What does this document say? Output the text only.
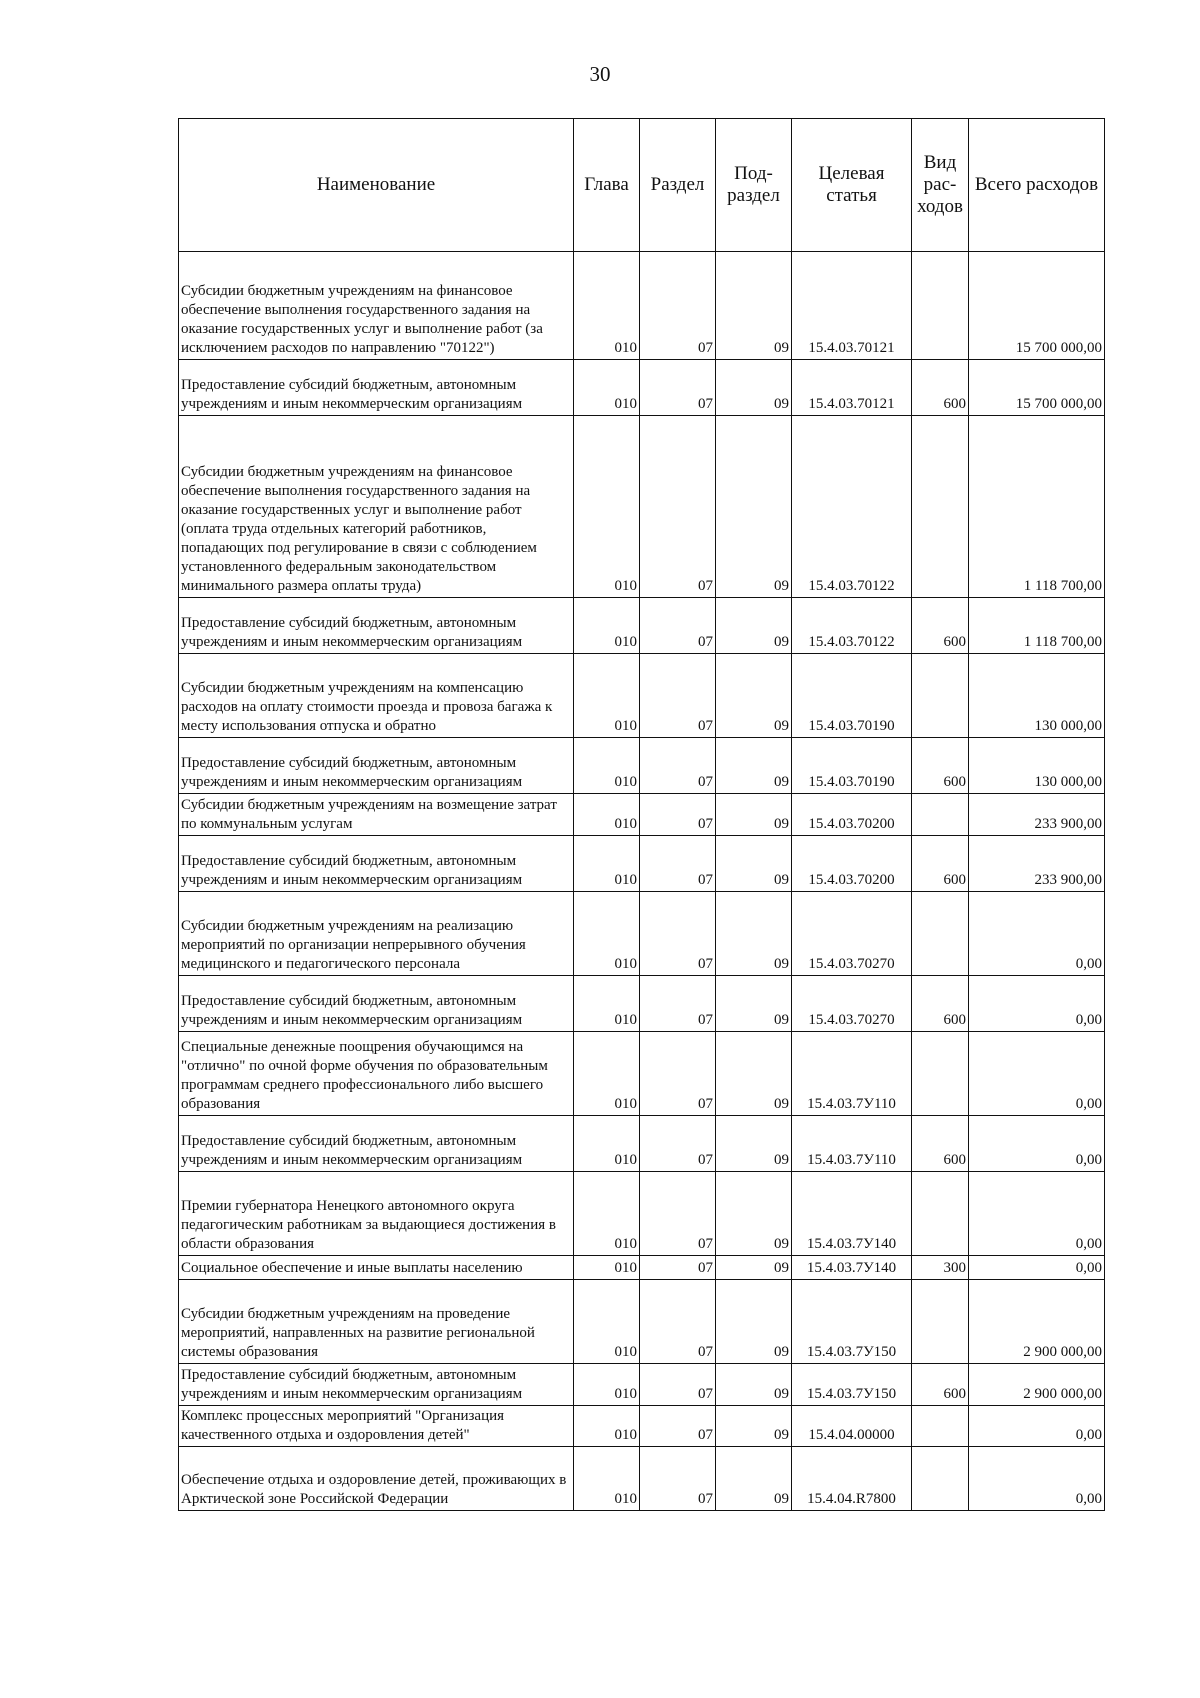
30
Наименование	Глава	Раздел	Под-раздел	Целевая статья	Вид рас-ходов	Всего расходов
Субсидии бюджетным учреждениям на финансовое обеспечение выполнения государственного задания на оказание государственных услуг и выполнение работ (за исключением расходов по направлению "70122")	010	07	09	15.4.03.70121		15 700 000,00
Предоставление субсидий бюджетным, автономным учреждениям и иным некоммерческим организациям	010	07	09	15.4.03.70121	600	15 700 000,00
Субсидии бюджетным учреждениям на финансовое обеспечение выполнения государственного задания на оказание государственных услуг и выполнение работ (оплата труда отдельных категорий работников, попадающих под регулирование в связи с соблюдением установленного федеральным законодательством минимального размера оплаты труда)	010	07	09	15.4.03.70122		1 118 700,00
Предоставление субсидий бюджетным, автономным учреждениям и иным некоммерческим организациям	010	07	09	15.4.03.70122	600	1 118 700,00
Субсидии бюджетным учреждениям на компенсацию расходов на оплату стоимости проезда и провоза багажа к месту использования отпуска и обратно	010	07	09	15.4.03.70190		130 000,00
Предоставление субсидий бюджетным, автономным учреждениям и иным некоммерческим организациям	010	07	09	15.4.03.70190	600	130 000,00
Субсидии бюджетным учреждениям на возмещение затрат по коммунальным услугам	010	07	09	15.4.03.70200		233 900,00
Предоставление субсидий бюджетным, автономным учреждениям и иным некоммерческим организациям	010	07	09	15.4.03.70200	600	233 900,00
Субсидии бюджетным учреждениям на реализацию мероприятий по организации непрерывного обучения медицинского и педагогического персонала	010	07	09	15.4.03.70270		0,00
Предоставление субсидий бюджетным, автономным учреждениям и иным некоммерческим организациям	010	07	09	15.4.03.70270	600	0,00
Специальные денежные поощрения обучающимся на "отлично" по очной форме обучения по образовательным программам среднего профессионального либо высшего образования	010	07	09	15.4.03.7У110		0,00
Предоставление субсидий бюджетным, автономным учреждениям и иным некоммерческим организациям	010	07	09	15.4.03.7У110	600	0,00
Премии губернатора Ненецкого автономного округа педагогическим работникам за выдающиеся достижения в области образования	010	07	09	15.4.03.7У140		0,00
Социальное обеспечение и иные выплаты населению	010	07	09	15.4.03.7У140	300	0,00
Субсидии бюджетным учреждениям на проведение мероприятий, направленных на развитие региональной системы образования	010	07	09	15.4.03.7У150		2 900 000,00
Предоставление субсидий бюджетным, автономным учреждениям и иным некоммерческим организациям	010	07	09	15.4.03.7У150	600	2 900 000,00
Комплекс процессных мероприятий "Организация качественного отдыха и оздоровления детей"	010	07	09	15.4.04.00000		0,00
Обеспечение отдыха и оздоровление детей, проживающих в Арктической зоне Российской Федерации	010	07	09	15.4.04.R7800		0,00
